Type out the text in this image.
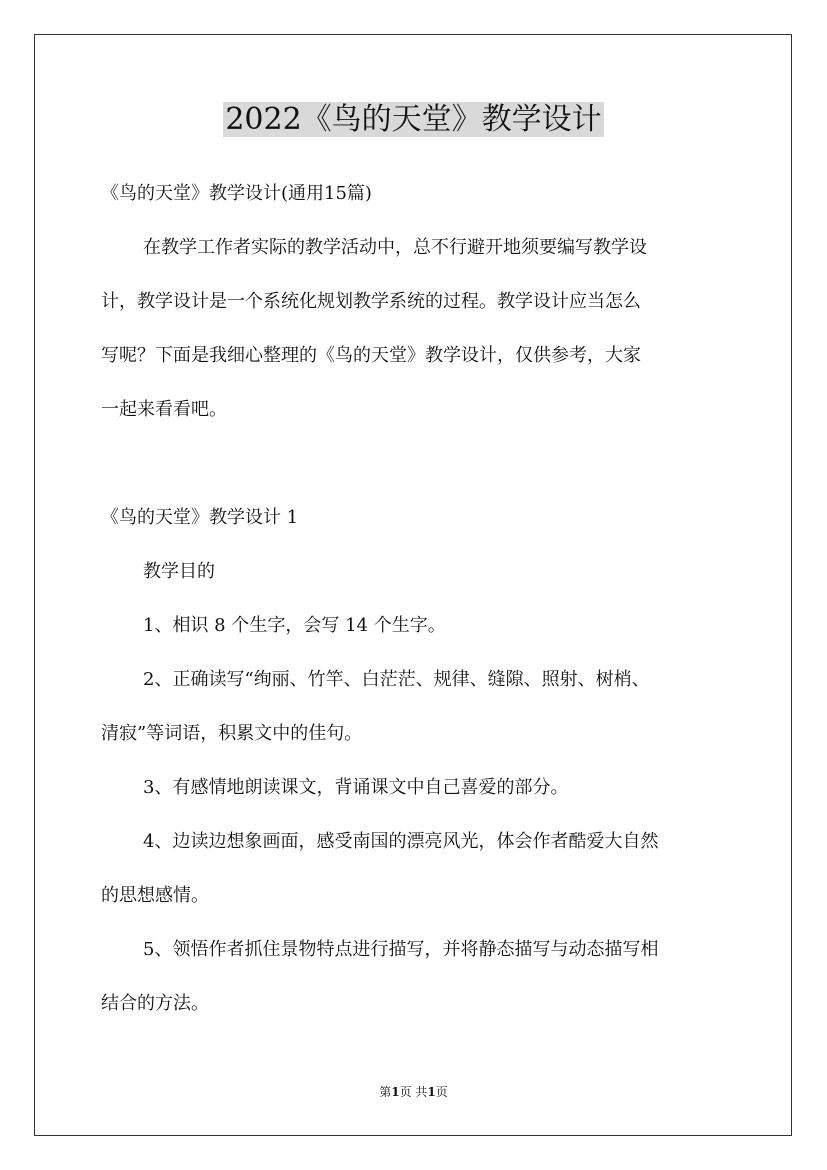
2022《鸟的天堂》教学设计

《鸟的天堂》教学设计(通用15篇)

在教学工作者实际的教学活动中，总不行避开地须要编写教学设

计，教学设计是一个系统化规划教学系统的过程。教学设计应当怎么

写呢？下面是我细心整理的《鸟的天堂》教学设计，仅供参考，大家

一起来看看吧。

《鸟的天堂》教学设计 1

教学目的

1、相识 8 个生字，会写 14 个生字。

2、正确读写“绚丽、竹竿、白茫茫、规律、缝隙、照射、树梢、

清寂”等词语，积累文中的佳句。

3、有感情地朗读课文，背诵课文中自己喜爱的部分。

4、边读边想象画面，感受南国的漂亮风光，体会作者酷爱大自然

的思想感情。

5、领悟作者抓住景物特点进行描写，并将静态描写与动态描写相

结合的方法。

第1页 共1页
